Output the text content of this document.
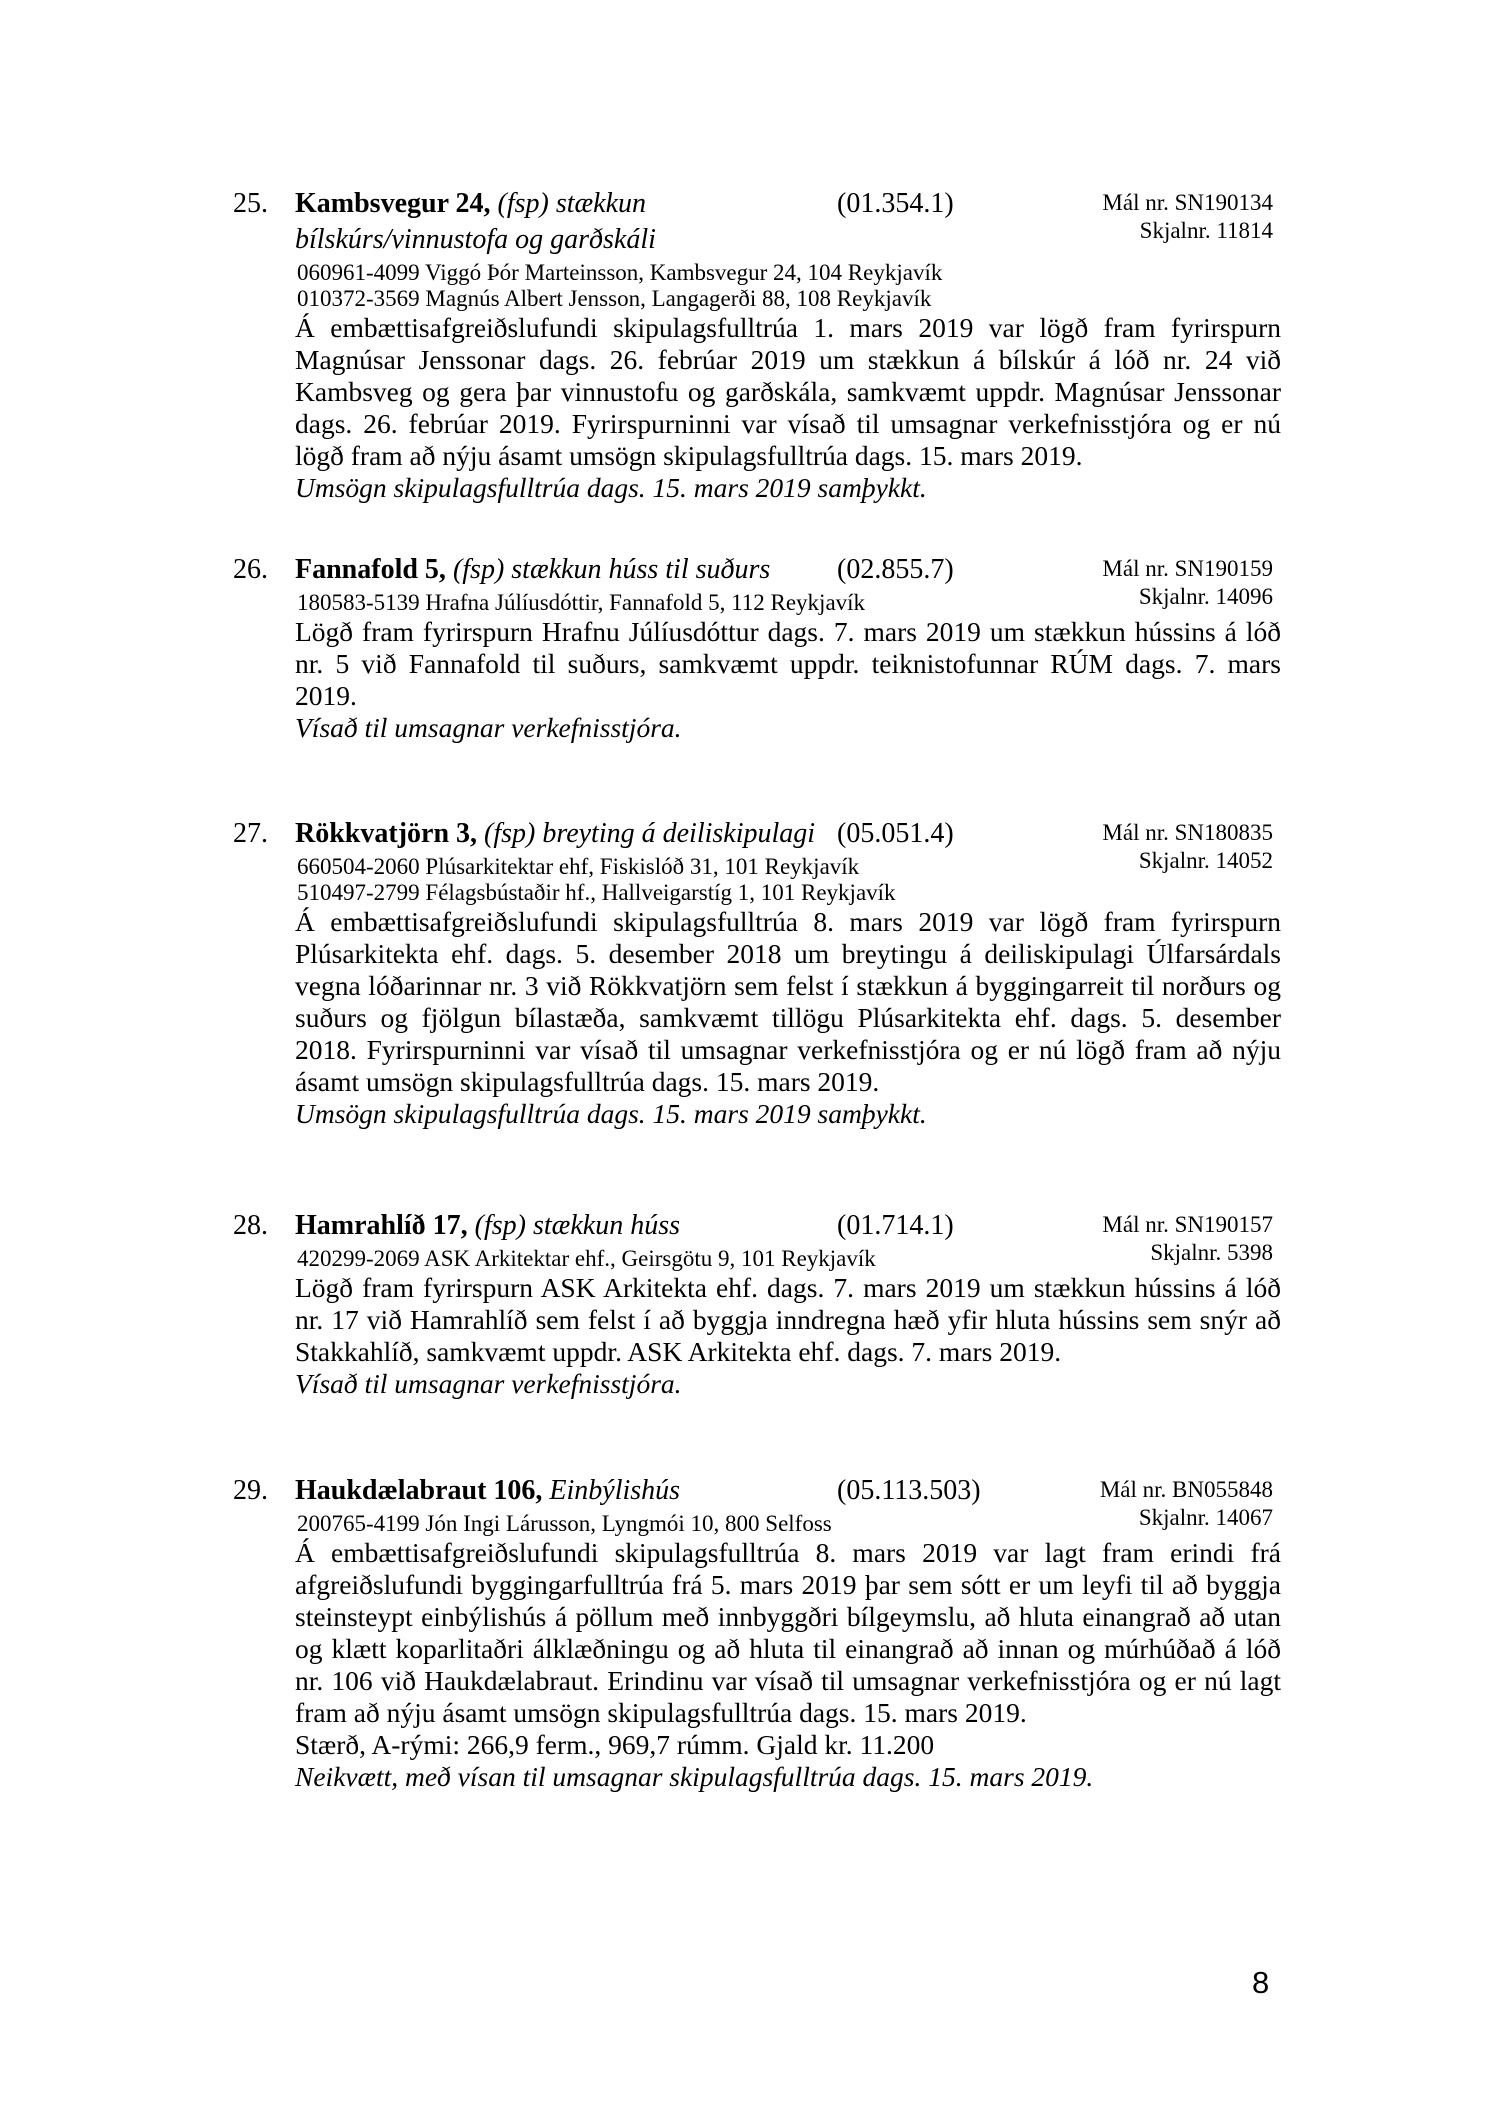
25.	(01.354.1)	Mál nr. SN190134
Skjalnr. 11814
Kambsvegur 24, (fsp) stækkun bílskúrs/vinnustofa og garðskáli
060961-4099 Viggó Þór Marteinsson, Kambsvegur 24, 104 Reykjavík
010372-3569 Magnús Albert Jensson, Langagerði 88, 108 Reykjavík
Á embættisafgreiðslufundi skipulagsfulltrúa 1. mars 2019 var lögð fram fyrirspurn Magnúsar Jenssonar dags. 26. febrúar 2019 um stækkun á bílskúr á lóð nr. 24 við Kambsveg og gera þar vinnustofu og garðskála, samkvæmt uppdr. Magnúsar Jenssonar dags. 26. febrúar 2019. Fyrirspurninni var vísað til umsagnar verkefnisstjóra og er nú lögð fram að nýju ásamt umsögn skipulagsfulltrúa dags. 15. mars 2019.
Umsögn skipulagsfulltrúa dags. 15. mars 2019 samþykkt.
26.	(02.855.7)	Mál nr. SN190159
Skjalnr. 14096
Fannafold 5, (fsp) stækkun húss til suðurs
180583-5139 Hrafna Júlíusdóttir, Fannafold 5, 112 Reykjavík
Lögð fram fyrirspurn Hrafnu Júlíusdóttur dags. 7. mars 2019 um stækkun hússins á lóð nr. 5 við Fannafold til suðurs, samkvæmt uppdr. teiknistofunnar RÚM dags. 7. mars 2019.
Vísað til umsagnar verkefnisstjóra.
27.	(05.051.4)	Mál nr. SN180835
Skjalnr. 14052
Rökkvatjörn 3, (fsp) breyting á deiliskipulagi
660504-2060 Plúsarkitektar ehf, Fiskislóð 31, 101 Reykjavík
510497-2799 Félagsbústaðir hf., Hallveigarstíg 1, 101 Reykjavík
Á embættisafgreiðslufundi skipulagsfulltrúa 8. mars 2019 var lögð fram fyrirspurn Plúsarkitekta ehf. dags. 5. desember 2018 um breytingu á deiliskipulagi Úlfarsárdals vegna lóðarinnar nr. 3 við Rökkvatjörn sem felst í stækkun á byggingarreit til norðurs og suðurs og fjölgun bílastæða, samkvæmt tillögu Plúsarkitekta ehf. dags. 5. desember 2018. Fyrirspurninni var vísað til umsagnar verkefnisstjóra og er nú lögð fram að nýju ásamt umsögn skipulagsfulltrúa dags. 15. mars 2019.
Umsögn skipulagsfulltrúa dags. 15. mars 2019 samþykkt.
28.	(01.714.1)	Mál nr. SN190157
Skjalnr. 5398
Hamrahlíð 17, (fsp) stækkun húss
420299-2069 ASK Arkitektar ehf., Geirsgötu 9, 101 Reykjavík
Lögð fram fyrirspurn ASK Arkitekta ehf. dags. 7. mars 2019 um stækkun hússins á lóð nr. 17 við Hamrahlíð sem felst í að byggja inndregna hæð yfir hluta hússins sem snýr að Stakkahlíð, samkvæmt uppdr. ASK Arkitekta ehf. dags. 7. mars 2019.
Vísað til umsagnar verkefnisstjóra.
29.	(05.113.503)	Mál nr. BN055848
Skjalnr. 14067
Haukdælabraut 106, Einbýlishús
200765-4199 Jón Ingi Lárusson, Lyngmói 10, 800 Selfoss
Á embættisafgreiðslufundi skipulagsfulltrúa 8. mars 2019 var lagt fram erindi frá afgreiðslufundi byggingarfulltrúa frá 5. mars 2019 þar sem sótt er um leyfi til að byggja steinsteypt einbýlishús á pöllum með innbyggðri bílgeymslu, að hluta einangrað að utan og klætt koparlitaðri álklæðningu og að hluta til einangrað að innan og múrhúðað á lóð nr. 106 við Haukdælabraut. Erindinu var vísað til umsagnar verkefnisstjóra og er nú lagt fram að nýju ásamt umsögn skipulagsfulltrúa dags. 15. mars 2019.
Stærð, A-rými: 266,9 ferm., 969,7 rúmm. Gjald kr. 11.200
Neikvætt, með vísan til umsagnar skipulagsfulltrúa dags. 15. mars 2019.
8
